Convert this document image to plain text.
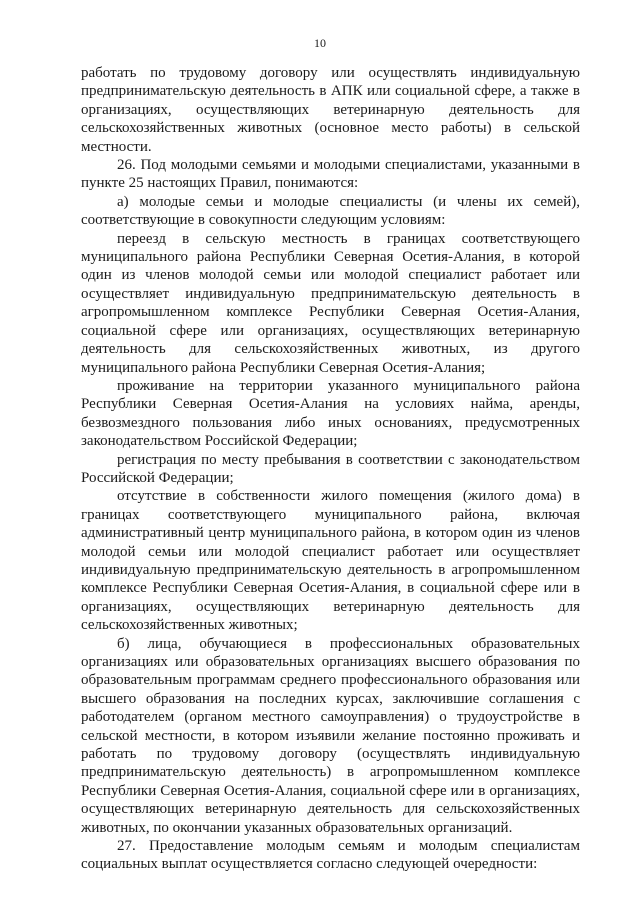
10

работать по трудовому договору или осуществлять индивидуальную предпринимательскую деятельность в АПК или социальной сфере, а также в организациях, осуществляющих ветеринарную деятельность для сельскохозяйственных животных (основное место работы) в сельской местности.

26. Под молодыми семьями и молодыми специалистами, указанными в пункте 25 настоящих Правил, понимаются:

а) молодые семьи и молодые специалисты (и члены их семей), соответствующие в совокупности следующим условиям:

переезд в сельскую местность в границах соответствующего муниципального района Республики Северная Осетия-Алания, в которой один из членов молодой семьи или молодой специалист работает или осуществляет индивидуальную предпринимательскую деятельность в агропромышленном комплексе Республики Северная Осетия-Алания, социальной сфере или организациях, осуществляющих ветеринарную деятельность для сельскохозяйственных животных, из другого муниципального района Республики Северная Осетия-Алания;

проживание на территории указанного муниципального района Республики Северная Осетия-Алания на условиях найма, аренды, безвозмездного пользования либо иных основаниях, предусмотренных законодательством Российской Федерации;

регистрация по месту пребывания в соответствии с законодательством Российской Федерации;

отсутствие в собственности жилого помещения (жилого дома) в границах соответствующего муниципального района, включая административный центр муниципального района, в котором один из членов молодой семьи или молодой специалист работает или осуществляет индивидуальную предпринимательскую деятельность в агропромышленном комплексе Республики Северная Осетия-Алания, в социальной сфере или в организациях, осуществляющих ветеринарную деятельность для сельскохозяйственных животных;

б) лица, обучающиеся в профессиональных образовательных организациях или образовательных организациях высшего образования по образовательным программам среднего профессионального образования или высшего образования на последних курсах, заключившие соглашения с работодателем (органом местного самоуправления) о трудоустройстве в сельской местности, в котором изъявили желание постоянно проживать и работать по трудовому договору (осуществлять индивидуальную предпринимательскую деятельность) в агропромышленном комплексе Республики Северная Осетия-Алания, социальной сфере или в организациях, осуществляющих ветеринарную деятельность для сельскохозяйственных животных, по окончании указанных образовательных организаций.

27. Предоставление молодым семьям и молодым специалистам социальных выплат осуществляется согласно следующей очередности:
